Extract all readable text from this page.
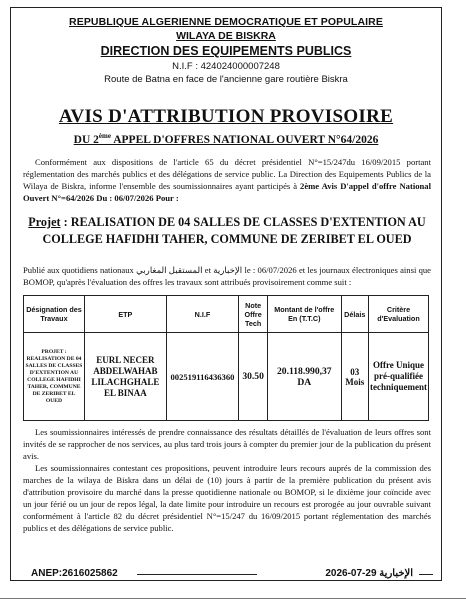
REPUBLIQUE ALGERIENNE DEMOCRATIQUE ET POPULAIRE
WILAYA DE BISKRA
DIRECTION DES EQUIPEMENTS PUBLICS
N.I.F : 424024000007248
Route de Batna en face de l'ancienne gare routière Biskra
AVIS D'ATTRIBUTION PROVISOIRE
DU 2ème APPEL D'OFFRES NATIONAL OUVERT N°64/2026
Conformément aux dispositions de l'article 65 du décret présidentiel N°=15/247du 16/09/2015 portant réglementation des marchés publics et des délégations de service public. La Direction des Equipements Publics de la Wilaya de Biskra, informe l'ensemble des soumissionnaires ayant participés à 2ème Avis D'appel d'offre National Ouvert N°=64/2026 Du : 06/07/2026 Pour :
Projet : REALISATION DE 04 SALLES DE CLASSES D'EXTENTION AU COLLEGE HAFIDHI TAHER, COMMUNE DE ZERIBET EL OUED
Publié aux quotidiens nationaux المستقبل المغاربي et الإخبارية le : 06/07/2026 et les journaux électroniques ainsi que BOMOP, qu'après l'évaluation des offres les travaux sont attribués provisoirement comme suit :
Désignation des Travaux	ETP	N.I.F	Note Offre Tech	Montant de l'offre En (T.T.C)	Délais	Critère d'Evaluation
PROJET : REALISATION DE 04 SALLES DE CLASSES D'EXTENTION AU COLLEGE HAFIDHI TAHER, COMMUNE DE ZERIBET EL OUED	EURL NECER ABDELWAHAB LILACHGHALE EL BINAA	002519116436360	30.50	20.118.990,37 DA	03 Mois	Offre Unique pré-qualifiée techniquement
Les soumissionnaires intéressés de prendre connaissance des résultats détaillés de l'évaluation de leurs offres sont invités de se rapprocher de nos services, au plus tard trois jours à compter du premier jour de la publication du présent avis.
Les soumissionnaires contestant ces propositions, peuvent introduire leurs recours auprés de la commission des marches de la wilaya de Biskra dans un délai de (10) jours à partir de la première publication du présent avis d'attribution provisoire du marché dans la presse quotidienne nationale ou BOMOP, si le dixième jour coïncide avec un jour férié ou un jour de repos légal, la date limite pour introduire un recours est prorogée au jour ouvrable suivant conformément à l'article 82 du décret présidentiel N°=15/247 du 16/09/2015 portant réglementation des marchés publics et des délégations de service public.
ANEP:2616025862	الإخبارية 29-07-2026
